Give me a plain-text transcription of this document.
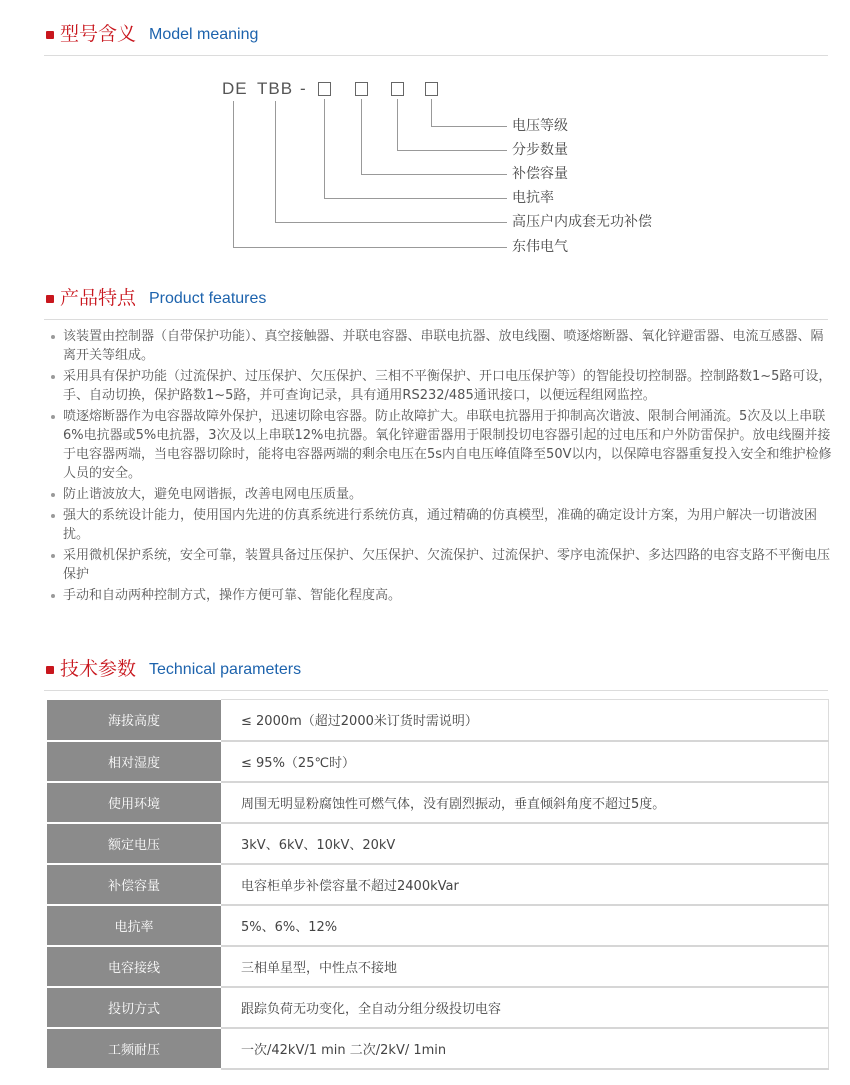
型号含义 Model meaning
DE TBB -
电压等级
分步数量
补偿容量
电抗率
高压户内成套无功补偿
东伟电气
产品特点 Product features
该装置由控制器（自带保护功能）、真空接触器、并联电容器、串联电抗器、放电线圈、喷逐熔断器、氧化锌避雷器、电流互感器、隔离开关等组成。
采用具有保护功能（过流保护、过压保护、欠压保护、三相不平衡保护、开口电压保护等）的智能投切控制器。控制路数1~5路可设，手、自动切换，保护路数1~5路，并可查询记录，具有通用RS232/485通讯接口，以便远程组网监控。
喷逐熔断器作为电容器故障外保护，迅速切除电容器。防止故障扩大。串联电抗器用于抑制高次谐波、限制合闸涌流。5次及以上串联6%电抗器或5%电抗器，3次及以上串联12%电抗器。氧化锌避雷器用于限制投切电容器引起的过电压和户外防雷保护。放电线圈并接于电容器两端，当电容器切除时，能将电容器两端的剩余电压在5s内自电压峰值降至50V以内，以保障电容器重复投入安全和维护检修人员的安全。
防止谐波放大，避免电网谐振，改善电网电压质量。
强大的系统设计能力，使用国内先进的仿真系统进行系统仿真，通过精确的仿真模型，准确的确定设计方案，为用户解决一切谐波困扰。
采用微机保护系统，安全可靠，装置具备过压保护、欠压保护、欠流保护、过流保护、零序电流保护、多达四路的电容支路不平衡电压保护
手动和自动两种控制方式，操作方便可靠、智能化程度高。
技术参数 Technical parameters
海拔高度	≤ 2000m（超过2000米订货时需说明）
相对湿度	≤ 95%（25℃时）
使用环境	周围无明显粉腐蚀性可燃气体，没有剧烈振动，垂直倾斜角度不超过5度。
额定电压	3kV、6kV、10kV、20kV
补偿容量	电容柜单步补偿容量不超过2400kVar
电抗率	5%、6%、12%
电容接线	三相单星型，中性点不接地
投切方式	跟踪负荷无功变化，全自动分组分级投切电容
工频耐压	一次/42kV/1 min 二次/2kV/ 1min
